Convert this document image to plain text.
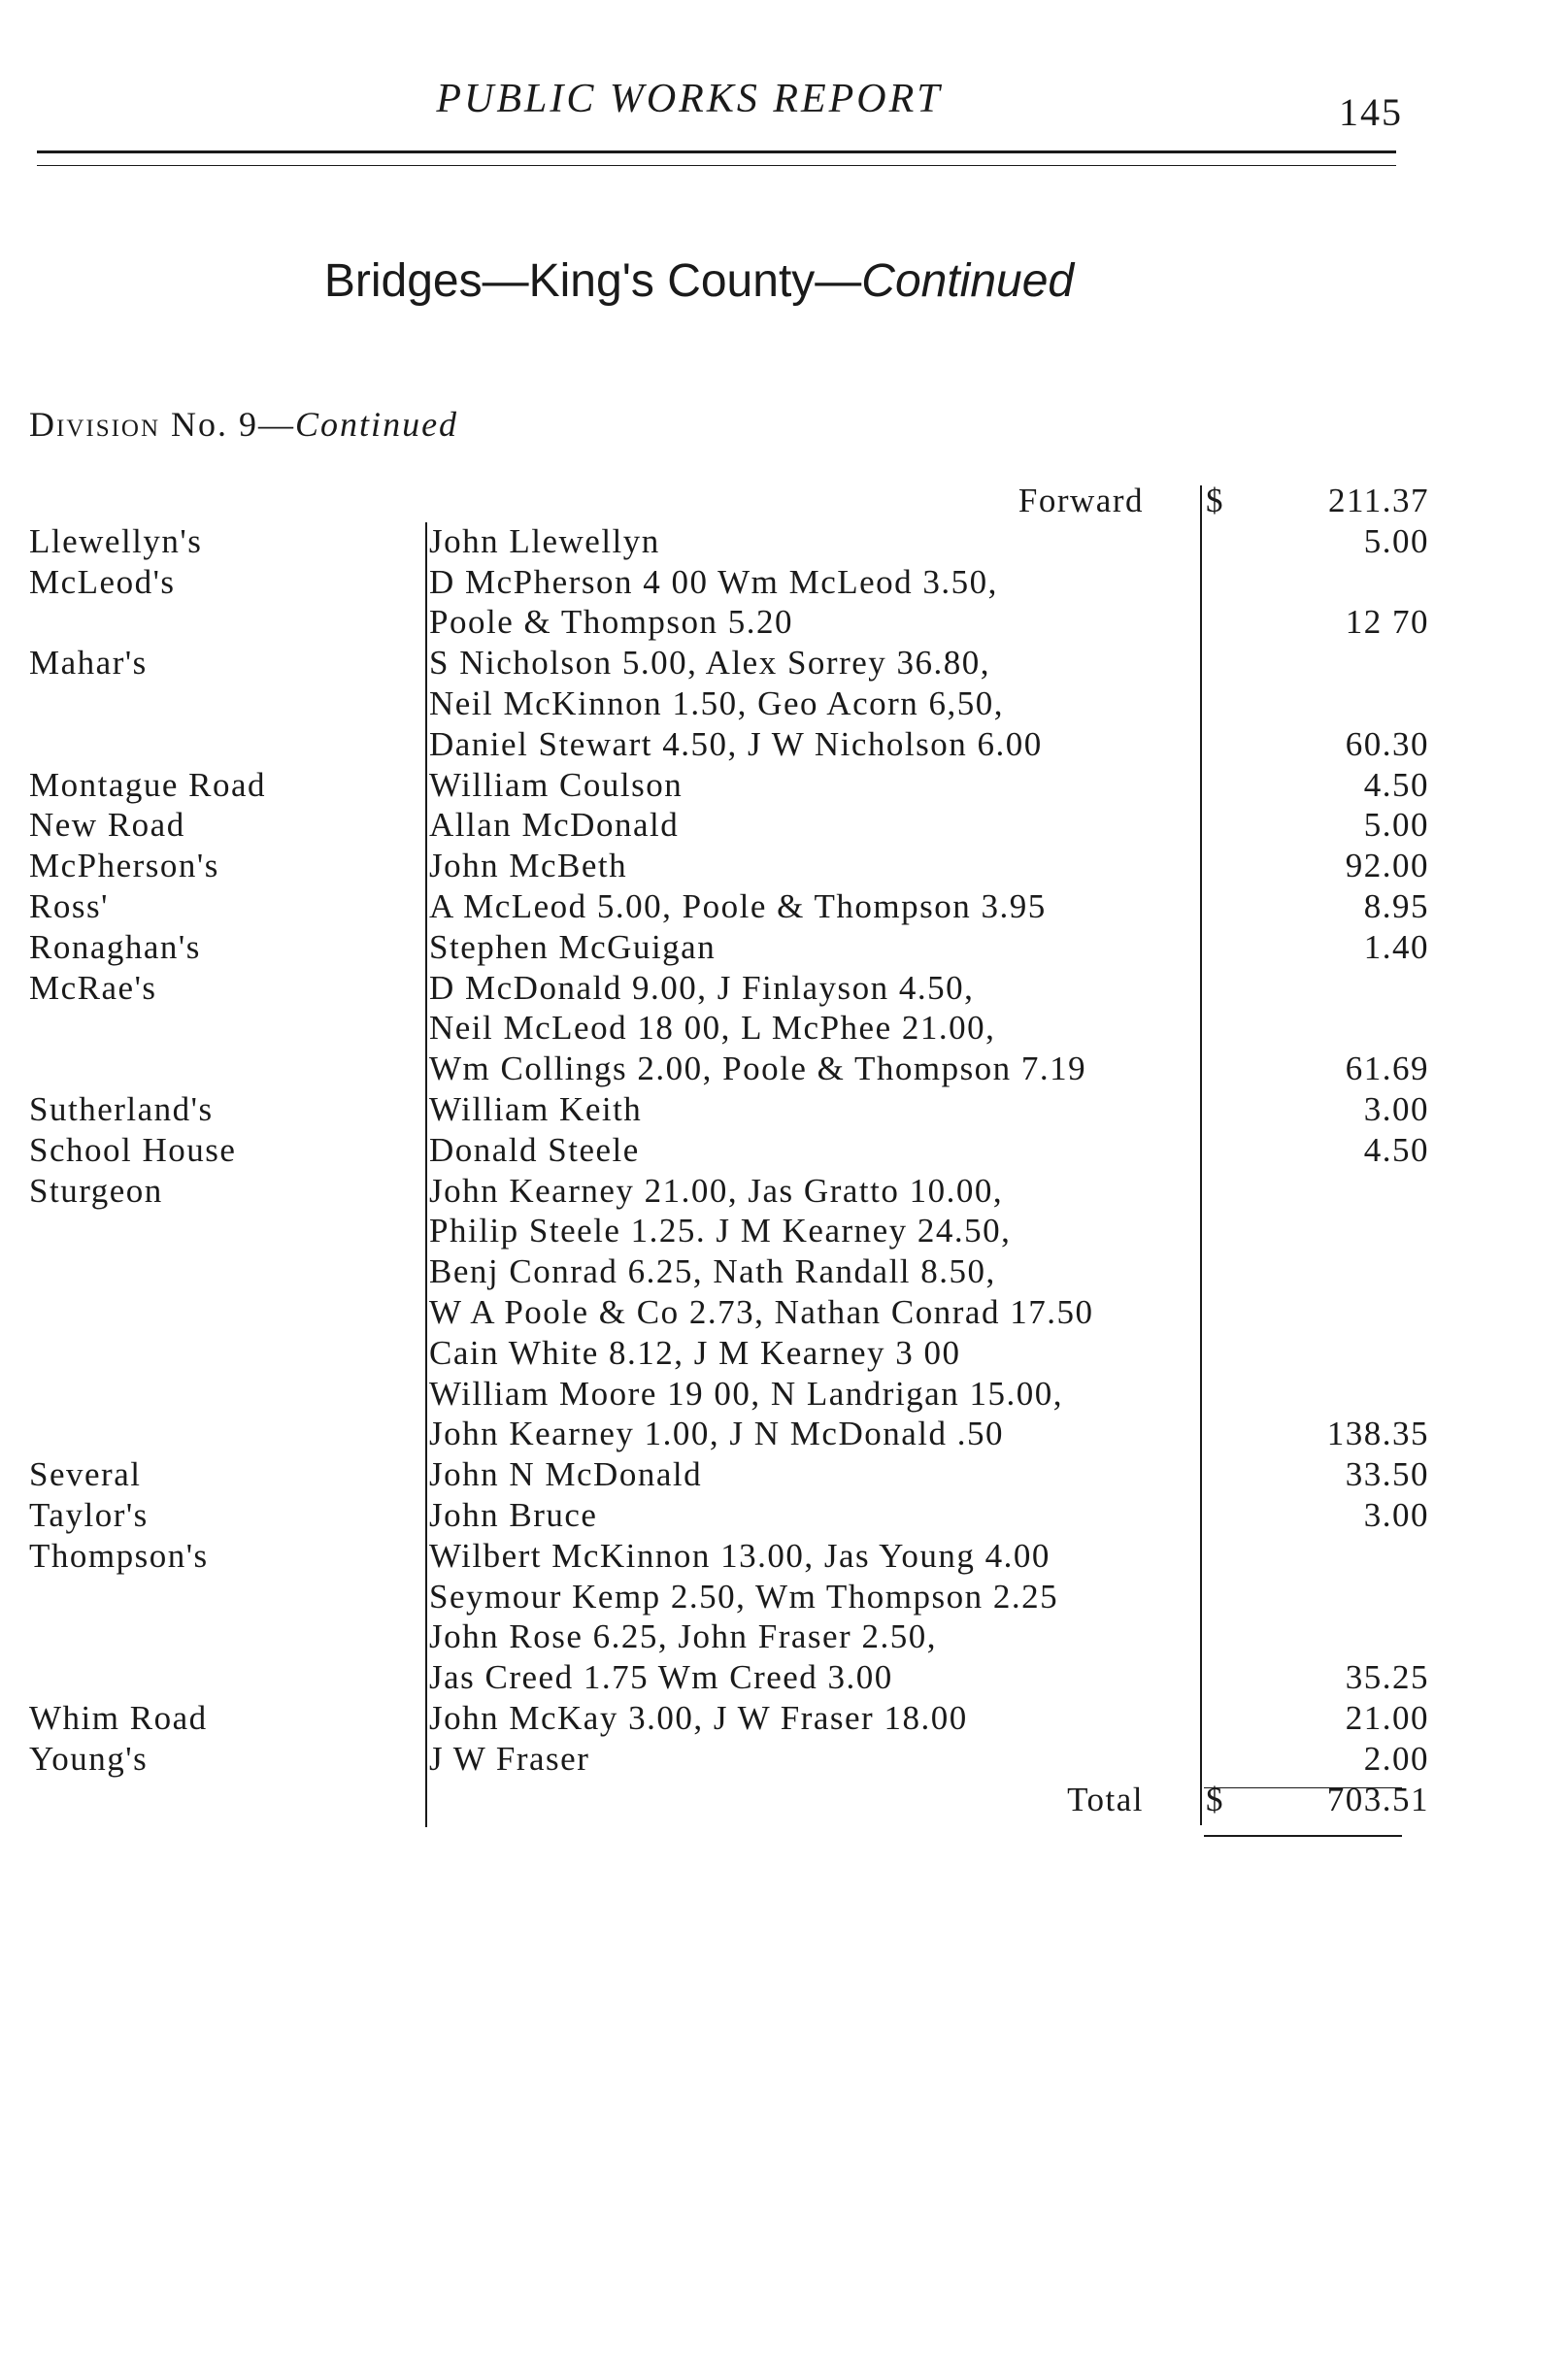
PUBLIC WORKS REPORT	145
Bridges—King's County—Continued
Division No. 9—Continued
Forward $	211.37
Llewellyn's	John Llewellyn	5.00
McLeod's	D McPherson 4 00 Wm McLeod 3.50,
Poole & Thompson 5.20	12 70
Mahar's	S Nicholson 5.00, Alex Sorrey 36.80,
Neil McKinnon 1.50, Geo Acorn 6,50,
Daniel Stewart 4.50, J W Nicholson 6.00	60.30
Montague Road	William Coulson	4.50
New Road	Allan McDonald	5.00
McPherson's	John McBeth	92.00
Ross'	A McLeod 5.00, Poole & Thompson 3.95	8.95
Ronaghan's	Stephen McGuigan	1.40
McRae's	D McDonald 9.00, J Finlayson 4.50,
Neil McLeod 18 00, L McPhee 21.00,
Wm Collings 2.00, Poole & Thompson 7.19	61.69
Sutherland's	William Keith	3.00
School House	Donald Steele	4.50
Sturgeon	John Kearney 21.00, Jas Gratto 10.00,
Philip Steele 1.25. J M Kearney 24.50,
Benj Conrad 6.25, Nath Randall 8.50,
W A Poole & Co 2.73, Nathan Conrad 17.50
Cain White 8.12, J M Kearney 3 00
William Moore 19 00, N Landrigan 15.00,
John Kearney 1.00, J N McDonald .50	138.35
Several	John N McDonald	33.50
Taylor's	John Bruce	3.00
Thompson's	Wilbert McKinnon 13.00, Jas Young 4.00
Seymour Kemp 2.50, Wm Thompson 2.25
John Rose 6.25, John Fraser 2.50,
Jas Creed 1.75 Wm Creed 3.00	35.25
Whim Road	John McKay 3.00, J W Fraser 18.00	21.00
Young's	J W Fraser	2.00
Total $	703.51
